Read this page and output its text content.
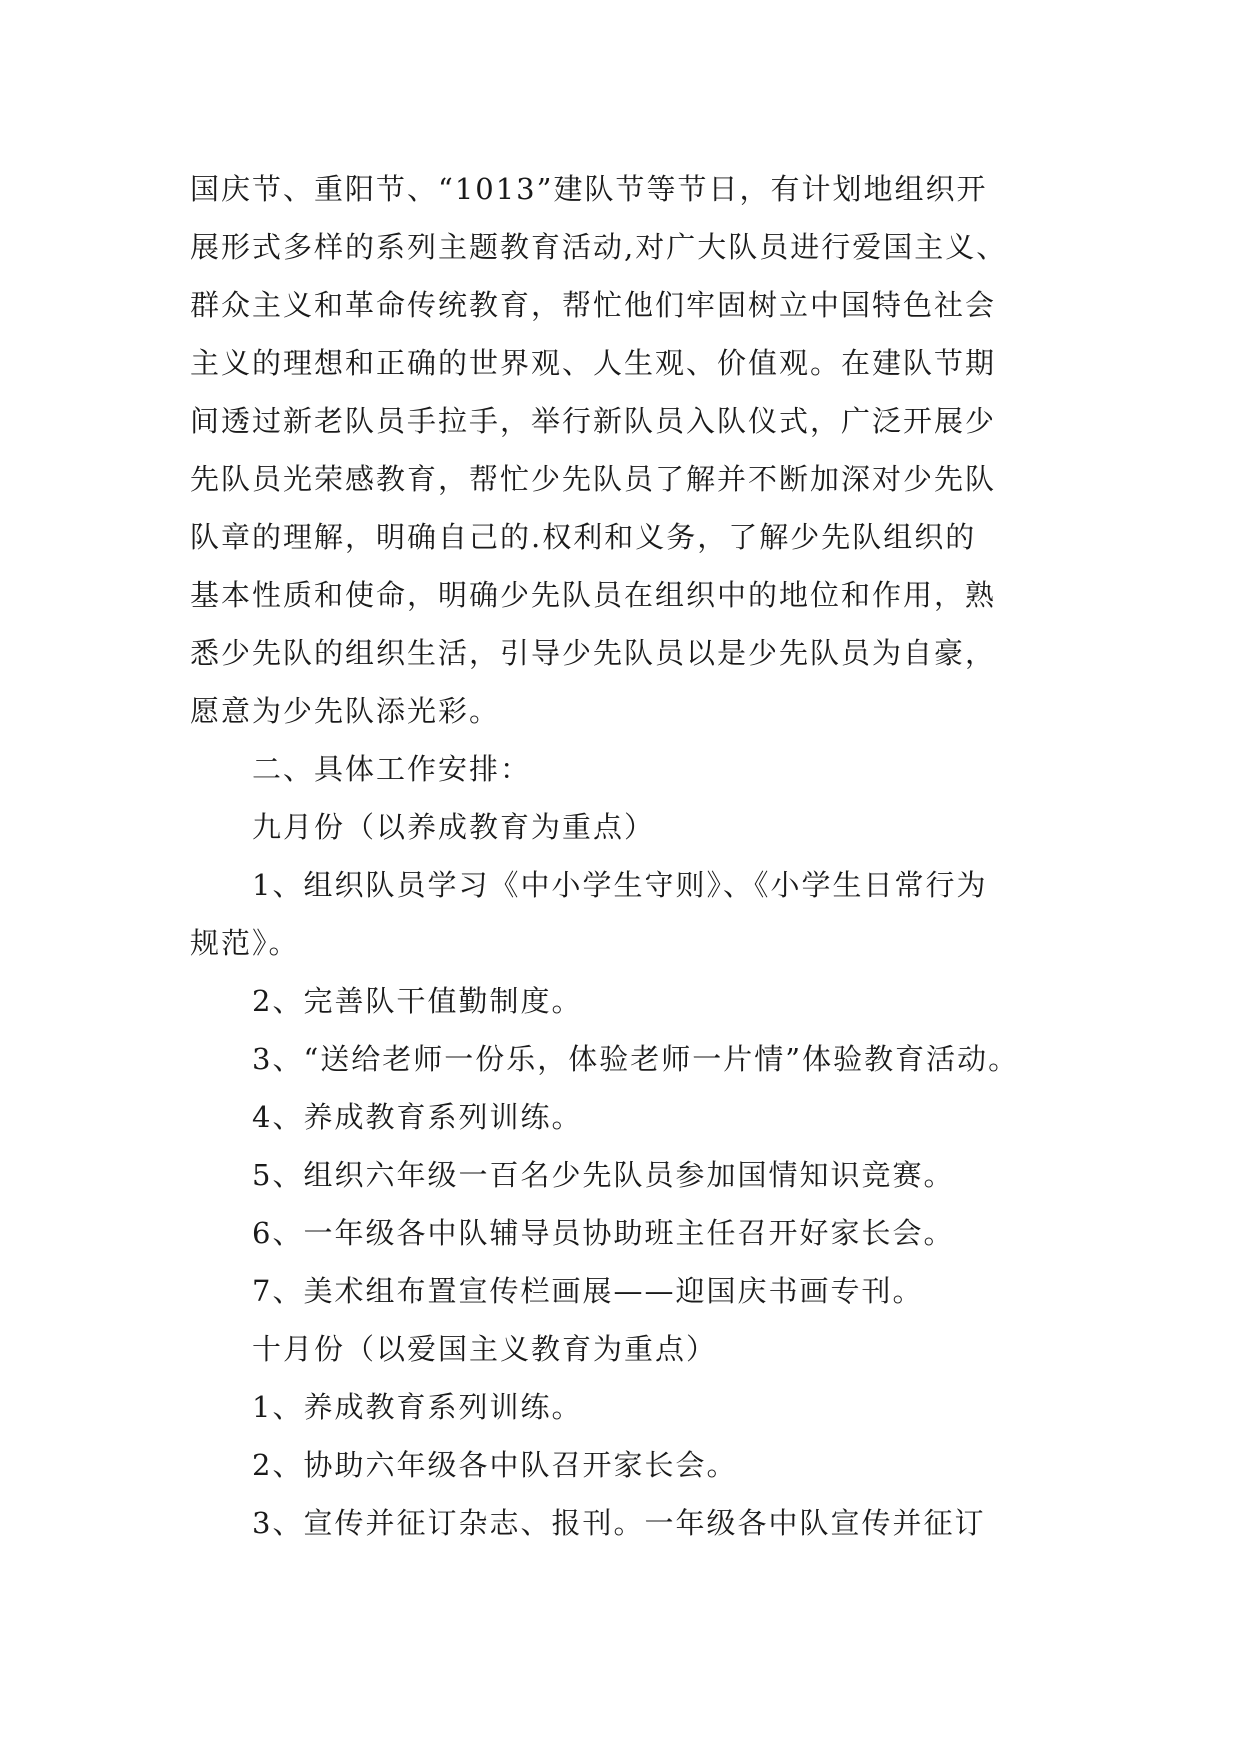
国庆节、重阳节、“1013”建队节等节日，有计划地组织开
展形式多样的系列主题教育活动,对广大队员进行爱国主义、
群众主义和革命传统教育，帮忙他们牢固树立中国特色社会
主义的理想和正确的世界观、人生观、价值观。在建队节期
间透过新老队员手拉手，举行新队员入队仪式，广泛开展少
先队员光荣感教育，帮忙少先队员了解并不断加深对少先队
队章的理解，明确自己的.权利和义务，了解少先队组织的
基本性质和使命，明确少先队员在组织中的地位和作用，熟
悉少先队的组织生活，引导少先队员以是少先队员为自豪，
愿意为少先队添光彩。
二、具体工作安排：
九月份（以养成教育为重点）
1、组织队员学习《中小学生守则》、《小学生日常行为
规范》。
2、完善队干值勤制度。
3、“送给老师一份乐，体验老师一片情”体验教育活动。
4、养成教育系列训练。
5、组织六年级一百名少先队员参加国情知识竞赛。
6、一年级各中队辅导员协助班主任召开好家长会。
7、美术组布置宣传栏画展——迎国庆书画专刊。
十月份（以爱国主义教育为重点）
1、养成教育系列训练。
2、协助六年级各中队召开家长会。
3、宣传并征订杂志、报刊。一年级各中队宣传并征订
